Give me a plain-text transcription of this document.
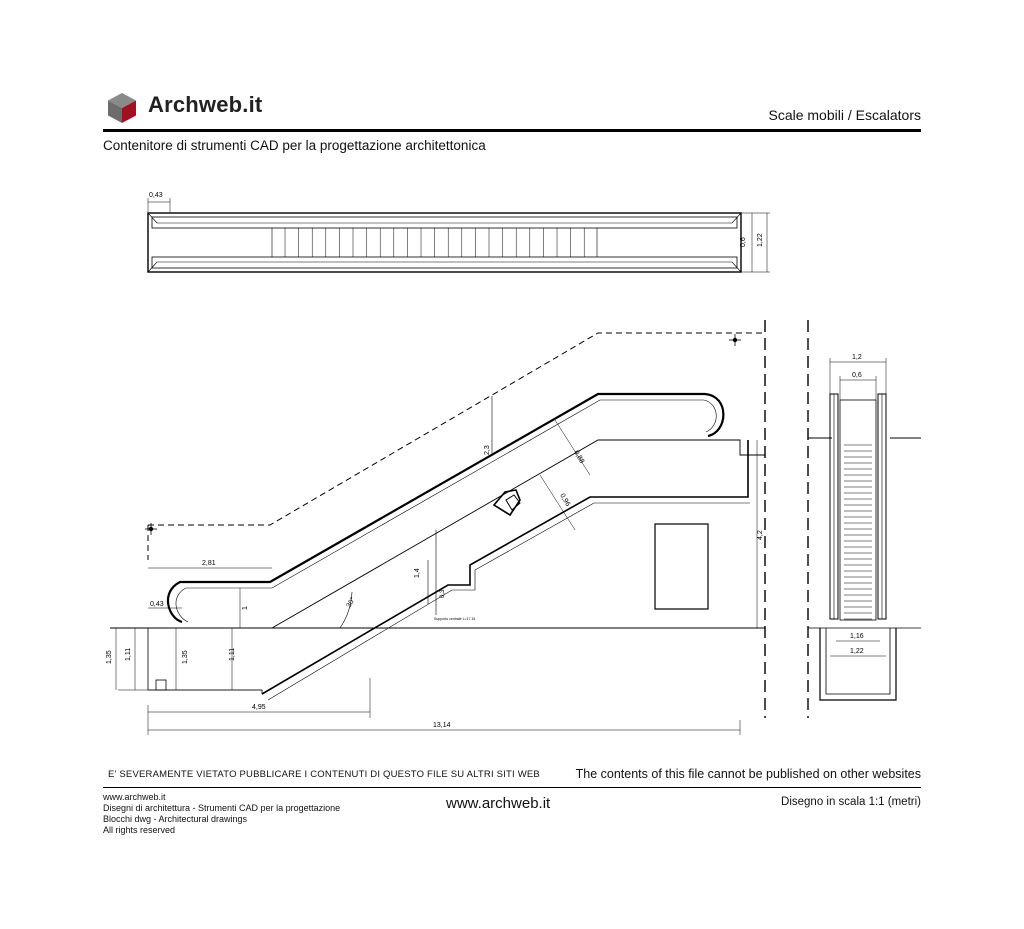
Archweb.it	Scale mobili / Escalators
Contenitore di strumenti CAD per la progettazione architettonica
0,43
0,6 1,22
2,81
0,43
1
1,35 1,11	1,35	1,11
4,95
13,14
4,2
2,3
0,96
0,88
1,4
0,3
30°
Supporto centrale L>17.15
1,2
0,6
1,16
1,22
E' SEVERAMENTE VIETATO PUBBLICARE I CONTENUTI DI QUESTO FILE SU ALTRI SITI WEB	The contents of this file cannot be published on other websites
www.archweb.it
Disegni di architettura - Strumenti CAD per la progettazione
Blocchi dwg - Architectural drawings
All rights reserved
www.archweb.it	Disegno in scala 1:1 (metri)
